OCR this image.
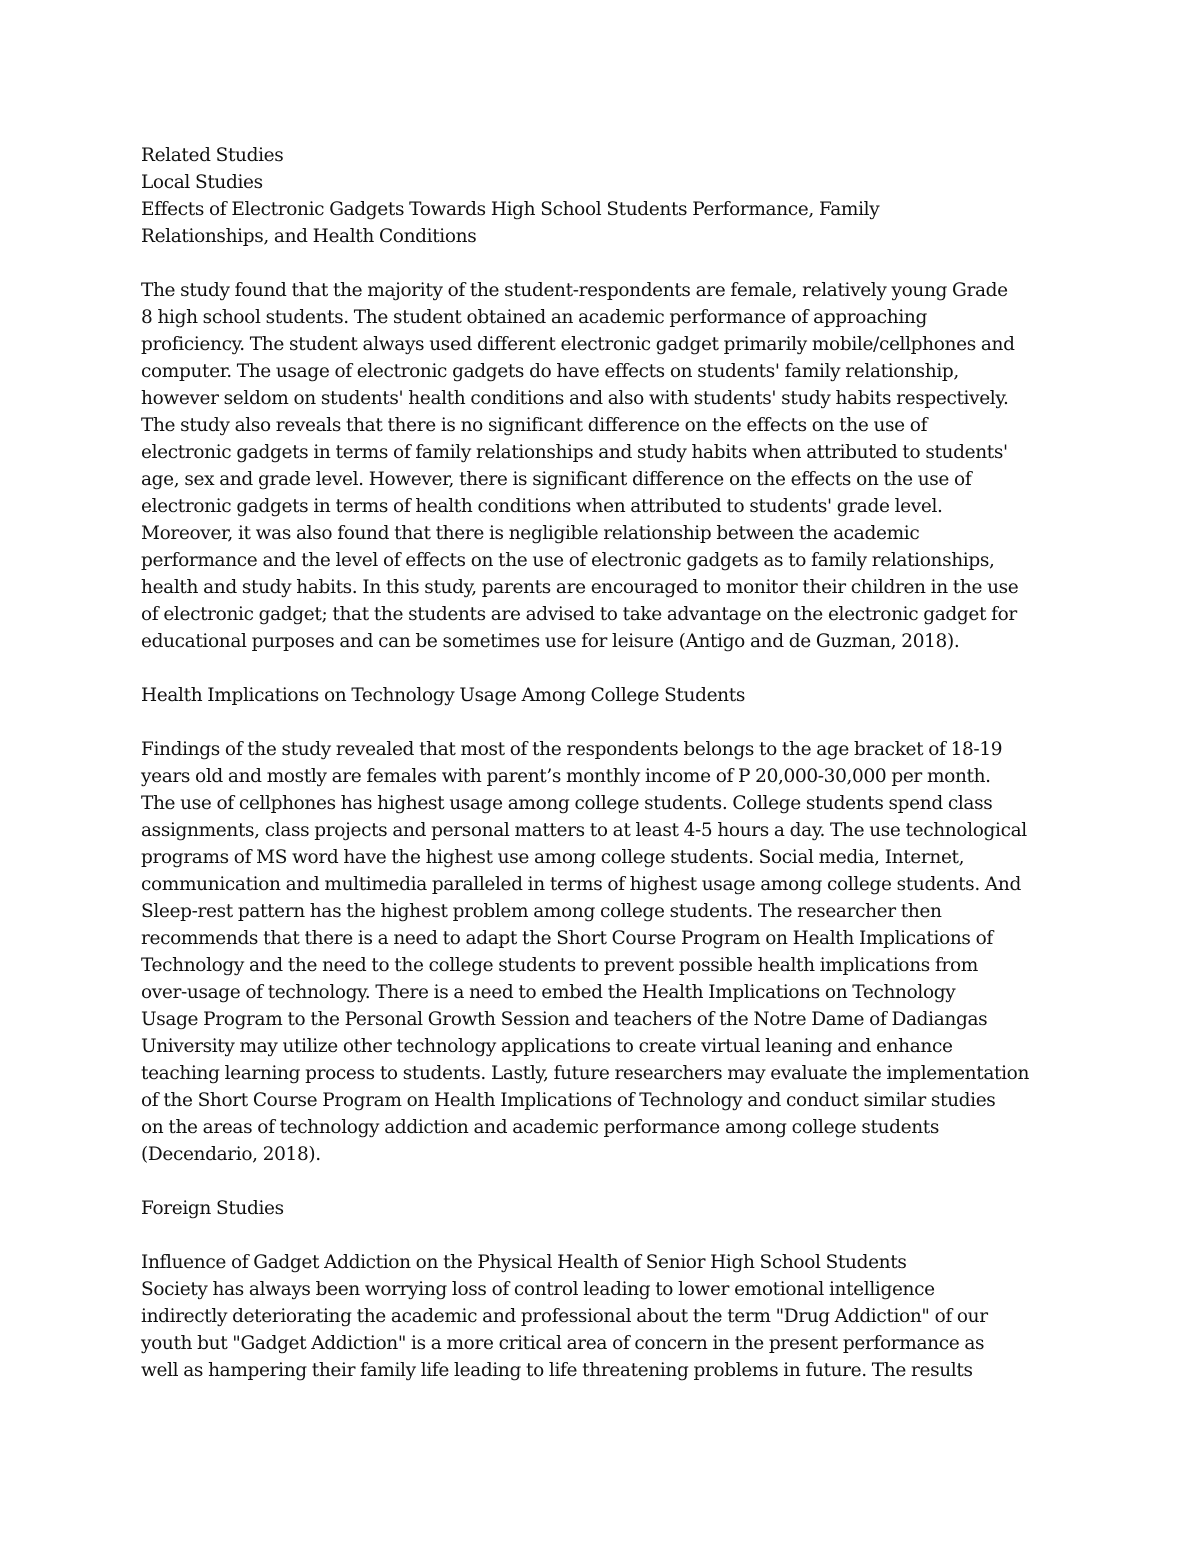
Related Studies
Local Studies
Effects of Electronic Gadgets Towards High School Students Performance, Family
Relationships, and Health Conditions
The study found that the majority of the student-respondents are female, relatively young Grade
8 high school students. The student obtained an academic performance of approaching
proficiency. The student always used different electronic gadget primarily mobile/cellphones and
computer. The usage of electronic gadgets do have effects on students' family relationship,
however seldom on students' health conditions and also with students' study habits respectively.
The study also reveals that there is no significant difference on the effects on the use of
electronic gadgets in terms of family relationships and study habits when attributed to students'
age, sex and grade level. However, there is significant difference on the effects on the use of
electronic gadgets in terms of health conditions when attributed to students' grade level.
Moreover, it was also found that there is negligible relationship between the academic
performance and the level of effects on the use of electronic gadgets as to family relationships,
health and study habits. In this study, parents are encouraged to monitor their children in the use
of electronic gadget; that the students are advised to take advantage on the electronic gadget for
educational purposes and can be sometimes use for leisure (Antigo and de Guzman, 2018).
Health Implications on Technology Usage Among College Students
Findings of the study revealed that most of the respondents belongs to the age bracket of 18-19
years old and mostly are females with parent’s monthly income of P 20,000-30,000 per month.
The use of cellphones has highest usage among college students. College students spend class
assignments, class projects and personal matters to at least 4-5 hours a day. The use technological
programs of MS word have the highest use among college students. Social media, Internet,
communication and multimedia paralleled in terms of highest usage among college students. And
Sleep-rest pattern has the highest problem among college students. The researcher then
recommends that there is a need to adapt the Short Course Program on Health Implications of
Technology and the need to the college students to prevent possible health implications from
over-usage of technology. There is a need to embed the Health Implications on Technology
Usage Program to the Personal Growth Session and teachers of the Notre Dame of Dadiangas
University may utilize other technology applications to create virtual leaning and enhance
teaching learning process to students. Lastly, future researchers may evaluate the implementation
of the Short Course Program on Health Implications of Technology and conduct similar studies
on the areas of technology addiction and academic performance among college students
(Decendario, 2018).
Foreign Studies
Influence of Gadget Addiction on the Physical Health of Senior High School Students
Society has always been worrying loss of control leading to lower emotional intelligence
indirectly deteriorating the academic and professional about the term "Drug Addiction" of our
youth but "Gadget Addiction" is a more critical area of concern in the present performance as
well as hampering their family life leading to life threatening problems in future. The results
